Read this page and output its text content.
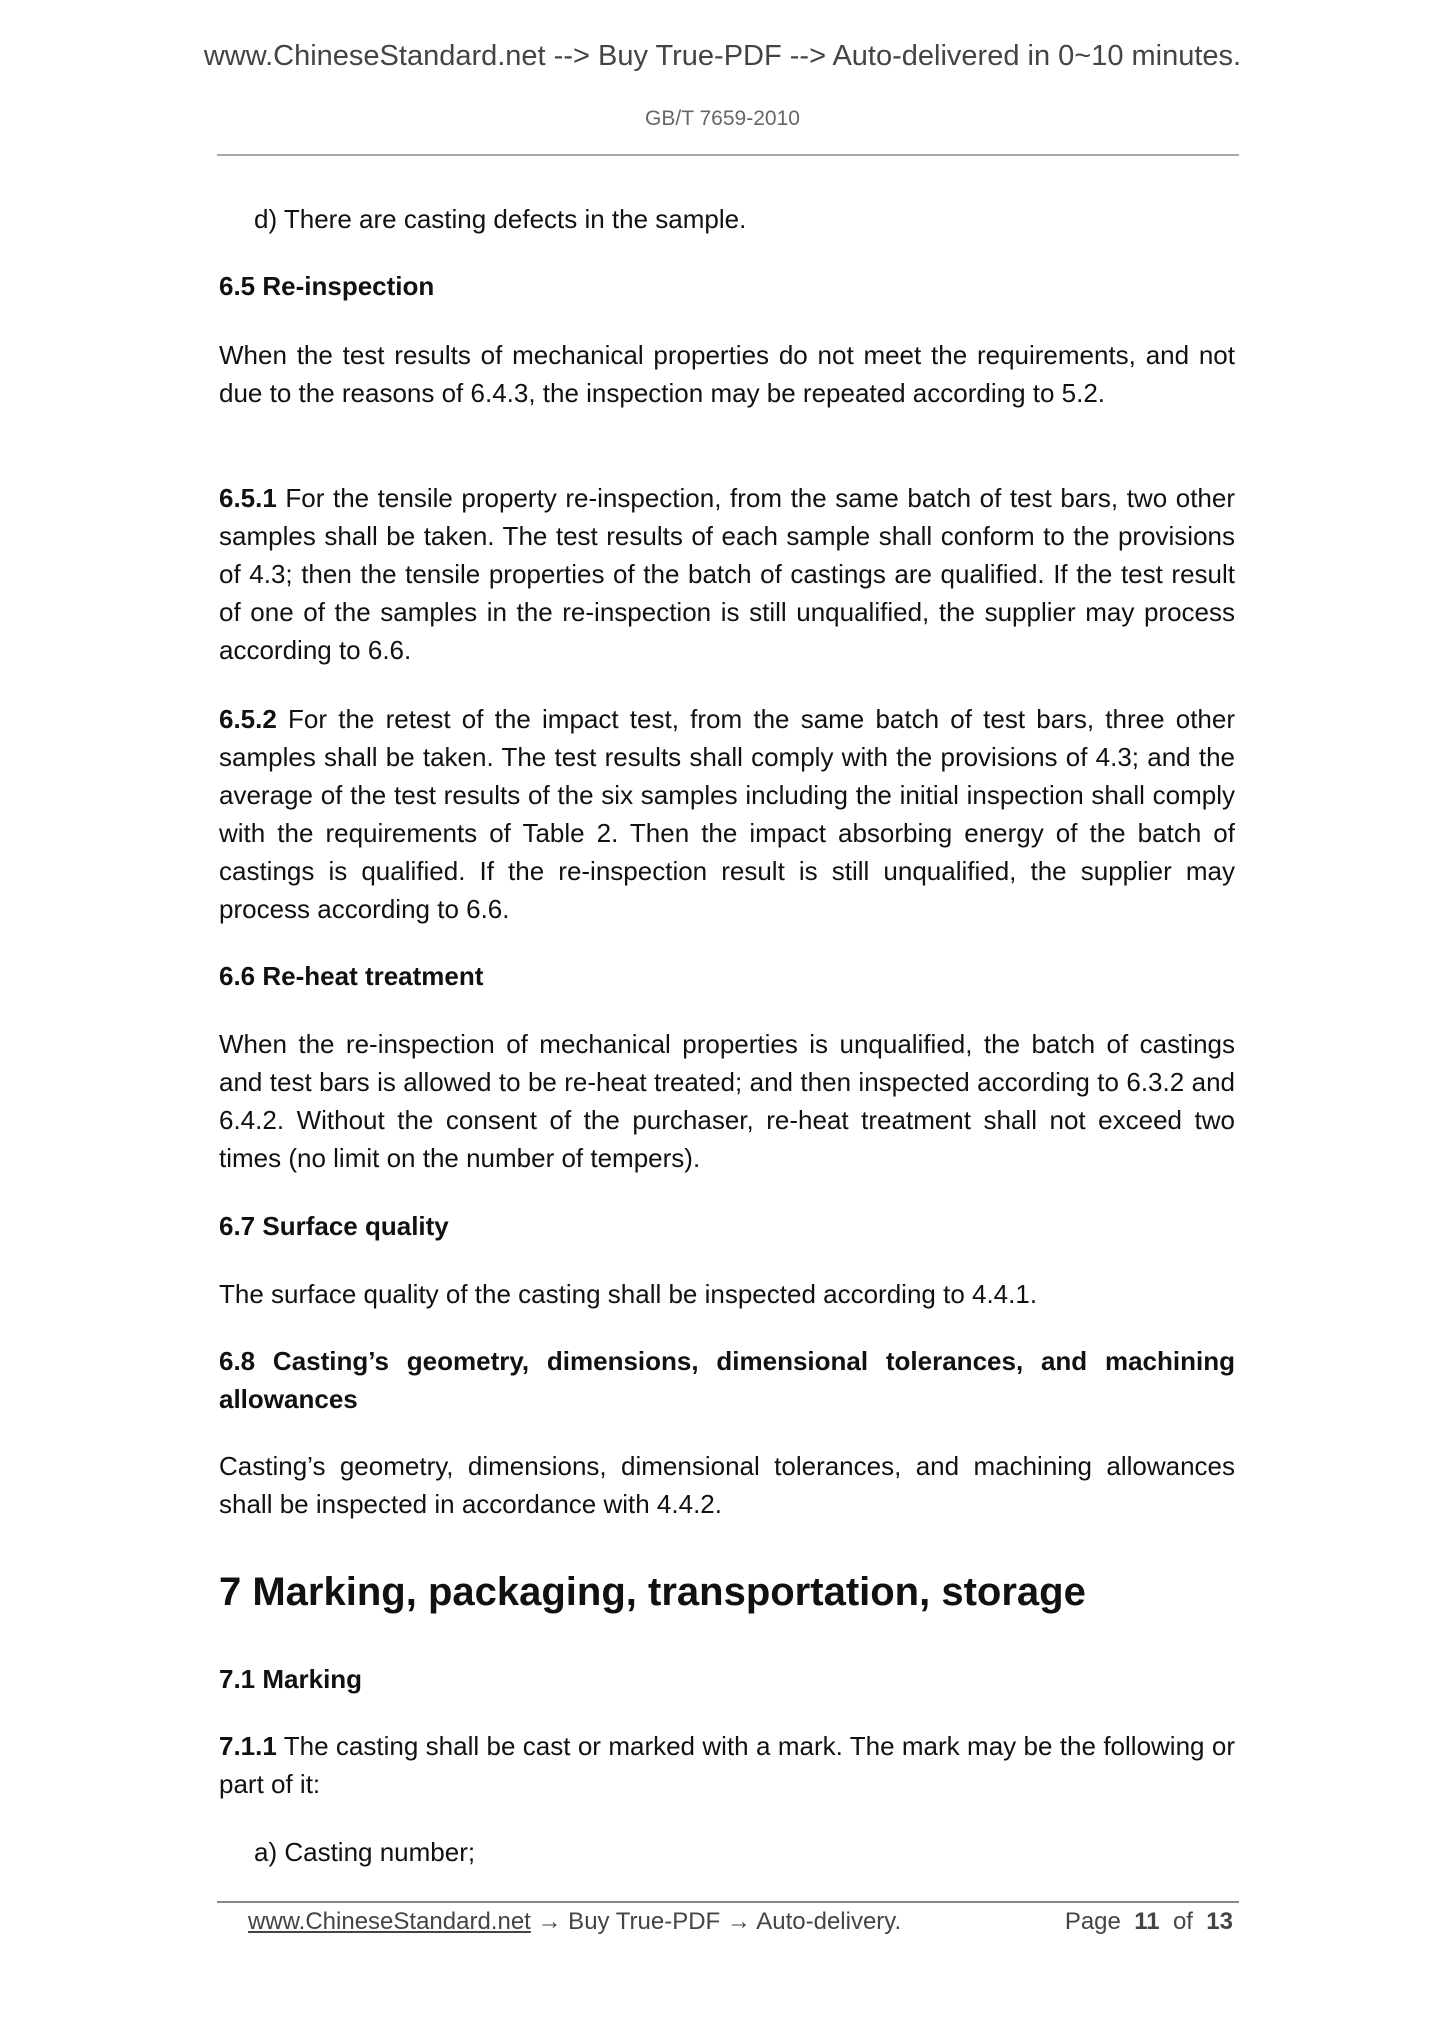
www.ChineseStandard.net --> Buy True-PDF --> Auto-delivered in 0~10 minutes.
GB/T 7659-2010
d) There are casting defects in the sample.
6.5 Re-inspection
When the test results of mechanical properties do not meet the requirements, and not due to the reasons of 6.4.3, the inspection may be repeated according to 5.2.
6.5.1 For the tensile property re-inspection, from the same batch of test bars, two other samples shall be taken. The test results of each sample shall conform to the provisions of 4.3; then the tensile properties of the batch of castings are qualified. If the test result of one of the samples in the re-inspection is still unqualified, the supplier may process according to 6.6.
6.5.2 For the retest of the impact test, from the same batch of test bars, three other samples shall be taken. The test results shall comply with the provisions of 4.3; and the average of the test results of the six samples including the initial inspection shall comply with the requirements of Table 2. Then the impact absorbing energy of the batch of castings is qualified. If the re-inspection result is still unqualified, the supplier may process according to 6.6.
6.6 Re-heat treatment
When the re-inspection of mechanical properties is unqualified, the batch of castings and test bars is allowed to be re-heat treated; and then inspected according to 6.3.2 and 6.4.2. Without the consent of the purchaser, re-heat treatment shall not exceed two times (no limit on the number of tempers).
6.7 Surface quality
The surface quality of the casting shall be inspected according to 4.4.1.
6.8 Casting’s geometry, dimensions, dimensional tolerances, and machining allowances
Casting’s geometry, dimensions, dimensional tolerances, and machining allowances shall be inspected in accordance with 4.4.2.
7 Marking, packaging, transportation, storage
7.1 Marking
7.1.1 The casting shall be cast or marked with a mark. The mark may be the following or part of it:
a) Casting number;
www.ChineseStandard.net → Buy True-PDF → Auto-delivery.	Page 11 of 13
